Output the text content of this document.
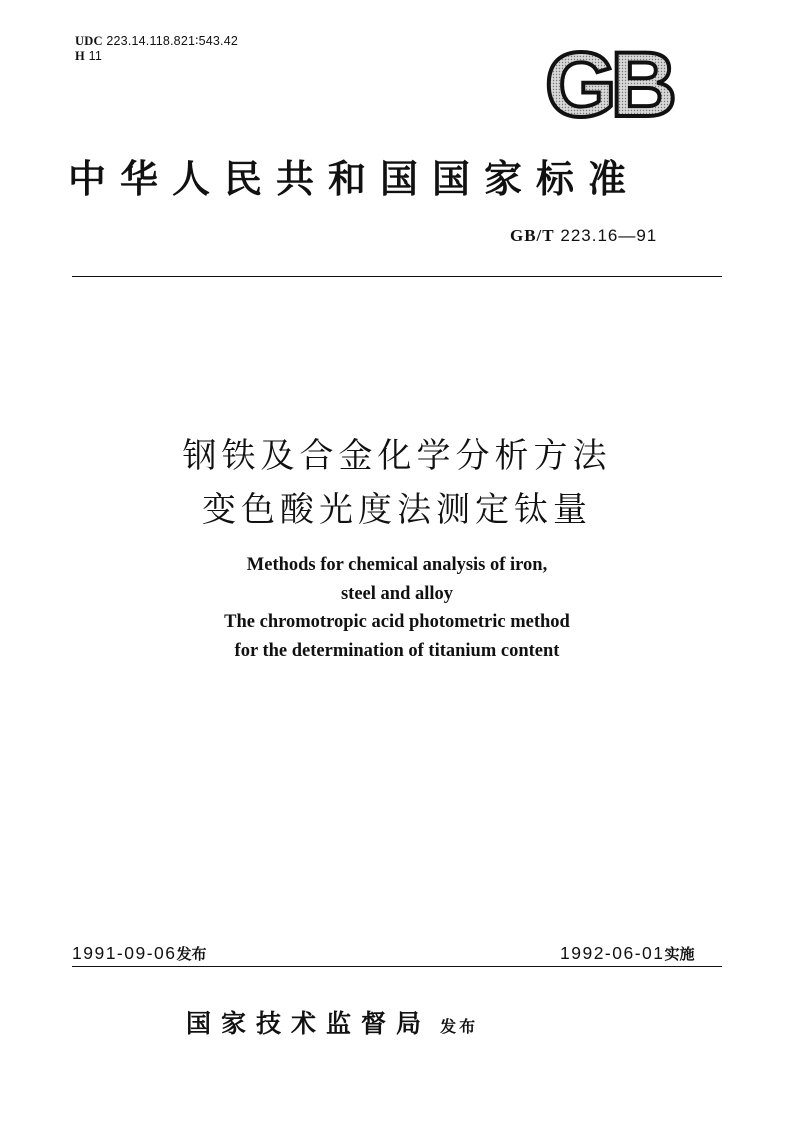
UDC 223.14.118.821∶543.42
H 11	GB
中华人民共和国国家标准
GB/T 223.16—91
钢铁及合金化学分析方法
变色酸光度法测定钛量
Methods for chemical analysis of iron,
steel and alloy
The chromotropic acid photometric method
for the determination of titanium content
1991-09-06发布	1992-06-01实施
国家技术监督局 发布
